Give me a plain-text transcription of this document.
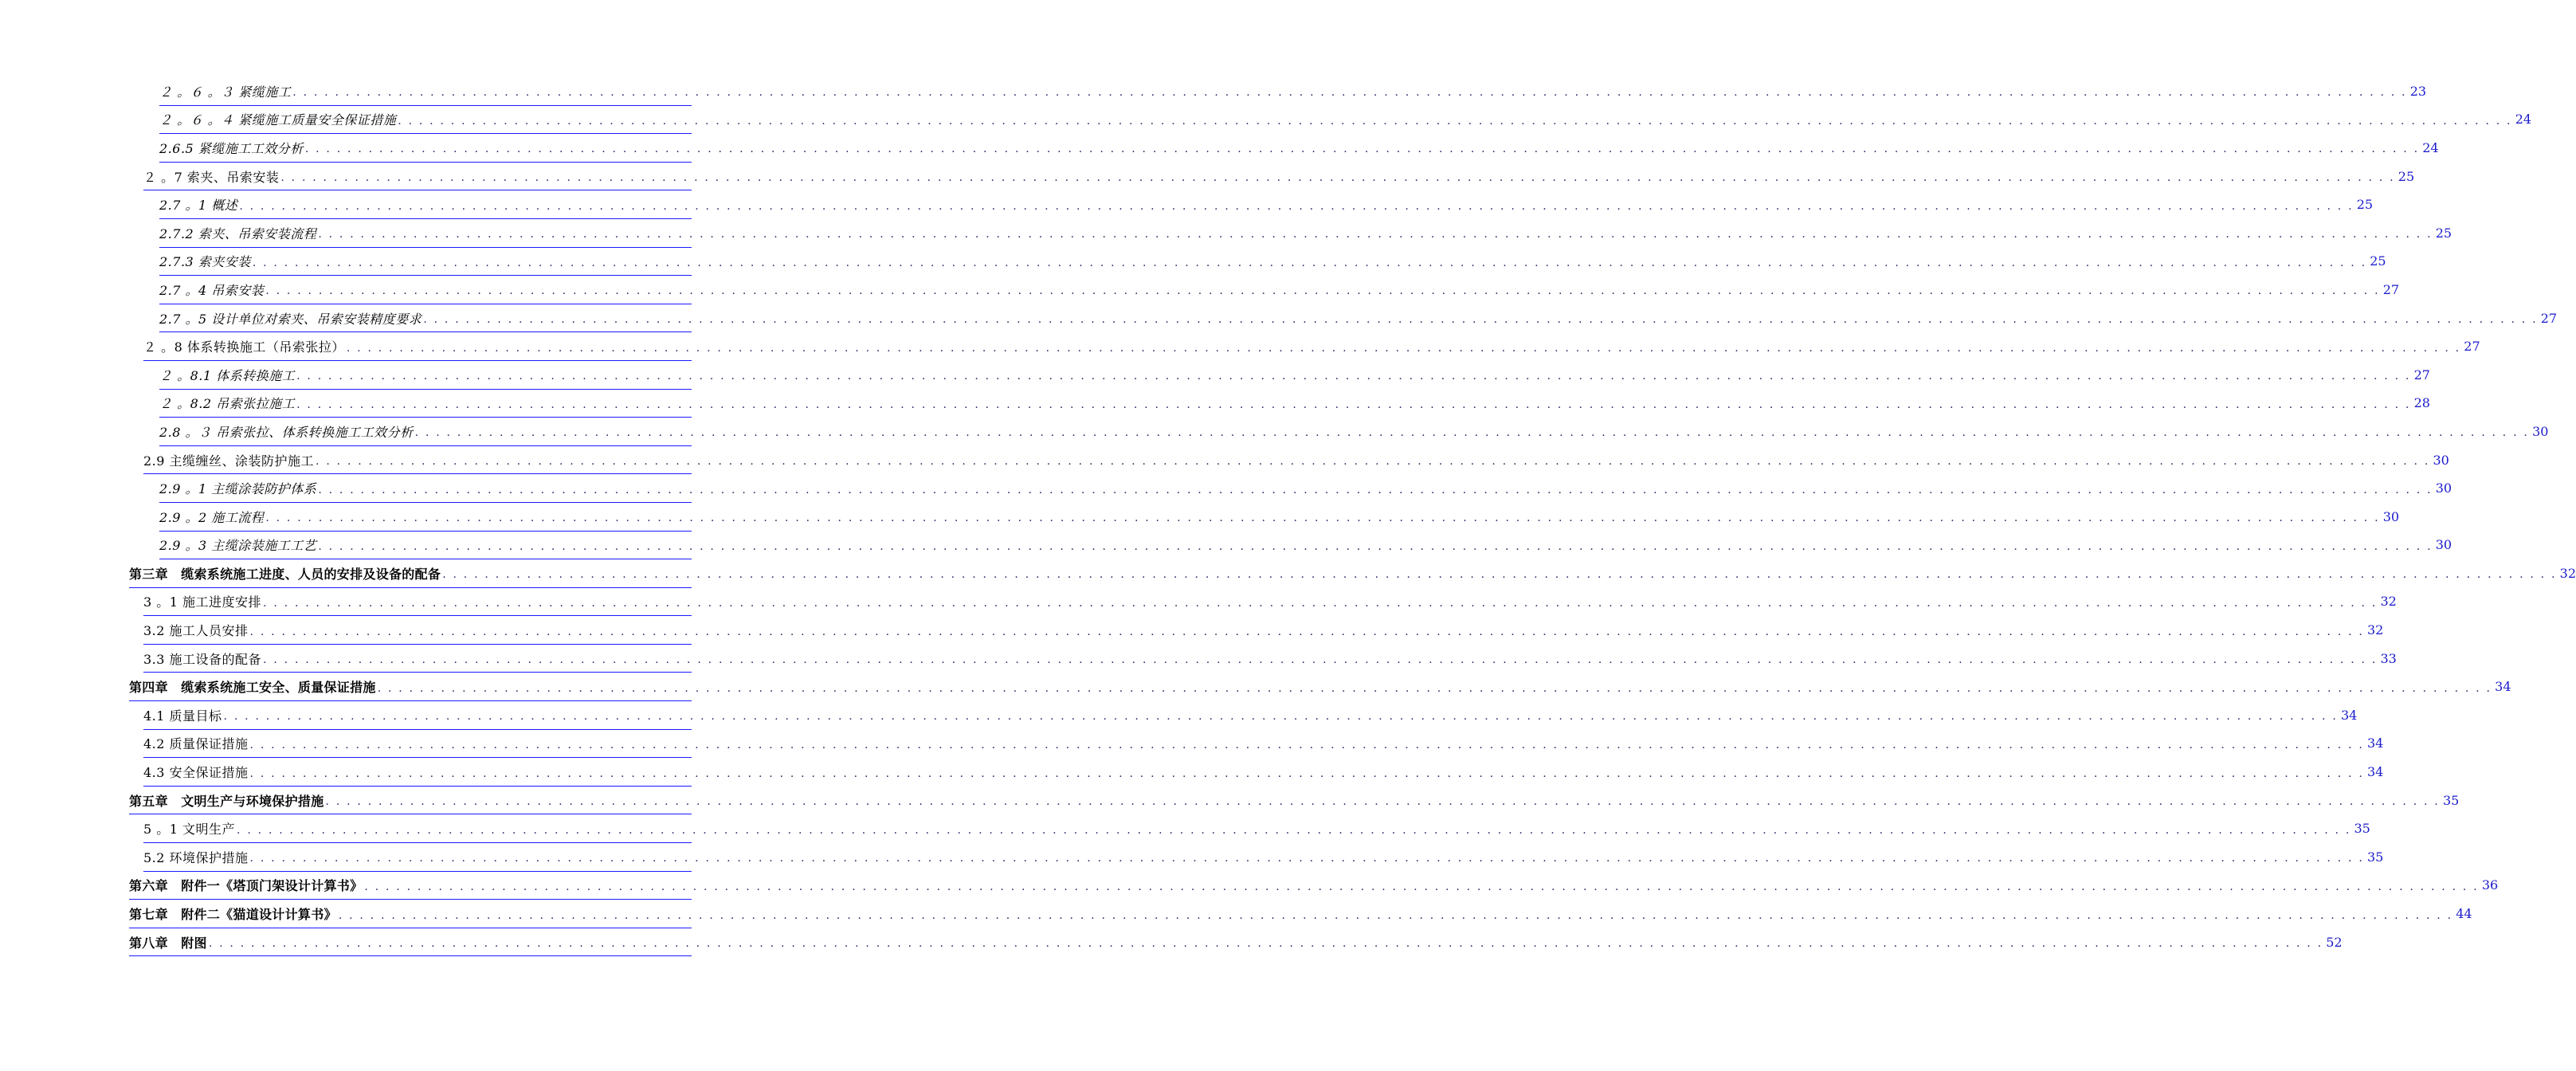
２ 。６ 。３ 紧缆施工 . . . . . . . . . . . . . . . . . . . . . . . . . . . . . . . . . . . . . . . . . . . . . . . . . . . . . . . . . . . . . . . . . . . . . . . . . . . . . . . . . . . . . . . . . . . . . . . . . . . . . . . . . . . . . . . . . . . . . . . . . . . . . . . . . . . . . . . . . . . . . . . . . . . . . . . . . . . . . . . . . . . . . . . . . . . . . . . . . . . . . . . . . . . . . . . . . . . . . . . . 23
２ 。６ 。４ 紧缆施工质量安全保证措施 . . . . . . . . . . . . . . . . . . . . . . . . . . . . . . . . . . . . . . . . . . . . . . . . . . . . . . . . . . . . . . . . . . . . . . . . . . . . . . . . . . . . . . . . . . . . . . . . . . . . . . . . . . . . . . . . . . . . . . . . . . . . . . . . . . . . . . . . . . . . . . . . . . . . . . . . . . . . . . . . . . . . . . . . . . . . . . . . . . . . . . . . . . . . . . . . . . . . . . . . 24
2.6.5 紧缆施工工效分析 . . . . . . . . . . . . . . . . . . . . . . . . . . . . . . . . . . . . . . . . . . . . . . . . . . . . . . . . . . . . . . . . . . . . . . . . . . . . . . . . . . . . . . . . . . . . . . . . . . . . . . . . . . . . . . . . . . . . . . . . . . . . . . . . . . . . . . . . . . . . . . . . . . . . . . . . . . . . . . . . . . . . . . . . . . . . . . . . . . . . . . . . . . . . . . . . . . . . . . . . 24
２ 。7 索夹、吊索安装 . . . . . . . . . . . . . . . . . . . . . . . . . . . . . . . . . . . . . . . . . . . . . . . . . . . . . . . . . . . . . . . . . . . . . . . . . . . . . . . . . . . . . . . . . . . . . . . . . . . . . . . . . . . . . . . . . . . . . . . . . . . . . . . . . . . . . . . . . . . . . . . . . . . . . . . . . . . . . . . . . . . . . . . . . . . . . . . . . . . . . . . . . . . . . . . . . . . . . . . . 25
2.7 。1 概述 . . . . . . . . . . . . . . . . . . . . . . . . . . . . . . . . . . . . . . . . . . . . . . . . . . . . . . . . . . . . . . . . . . . . . . . . . . . . . . . . . . . . . . . . . . . . . . . . . . . . . . . . . . . . . . . . . . . . . . . . . . . . . . . . . . . . . . . . . . . . . . . . . . . . . . . . . . . . . . . . . . . . . . . . . . . . . . . . . . . . . . . . . . . . . . . . . . . . . . . . 25
2.7.2 索夹、吊索安装流程 . . . . . . . . . . . . . . . . . . . . . . . . . . . . . . . . . . . . . . . . . . . . . . . . . . . . . . . . . . . . . . . . . . . . . . . . . . . . . . . . . . . . . . . . . . . . . . . . . . . . . . . . . . . . . . . . . . . . . . . . . . . . . . . . . . . . . . . . . . . . . . . . . . . . . . . . . . . . . . . . . . . . . . . . . . . . . . . . . . . . . . . . . . . . . . . . . . . . . . . . 25
2.7.3 索夹安装 . . . . . . . . . . . . . . . . . . . . . . . . . . . . . . . . . . . . . . . . . . . . . . . . . . . . . . . . . . . . . . . . . . . . . . . . . . . . . . . . . . . . . . . . . . . . . . . . . . . . . . . . . . . . . . . . . . . . . . . . . . . . . . . . . . . . . . . . . . . . . . . . . . . . . . . . . . . . . . . . . . . . . . . . . . . . . . . . . . . . . . . . . . . . . . . . . . . . . . . . 25
2.7 。4 吊索安装 . . . . . . . . . . . . . . . . . . . . . . . . . . . . . . . . . . . . . . . . . . . . . . . . . . . . . . . . . . . . . . . . . . . . . . . . . . . . . . . . . . . . . . . . . . . . . . . . . . . . . . . . . . . . . . . . . . . . . . . . . . . . . . . . . . . . . . . . . . . . . . . . . . . . . . . . . . . . . . . . . . . . . . . . . . . . . . . . . . . . . . . . . . . . . . . . . . . . . . . . 27
2.7 。5 设计单位对索夹、吊索安装精度要求 . . . . . . . . . . . . . . . . . . . . . . . . . . . . . . . . . . . . . . . . . . . . . . . . . . . . . . . . . . . . . . . . . . . . . . . . . . . . . . . . . . . . . . . . . . . . . . . . . . . . . . . . . . . . . . . . . . . . . . . . . . . . . . . . . . . . . . . . . . . . . . . . . . . . . . . . . . . . . . . . . . . . . . . . . . . . . . . . . . . . . . . . . . . . . . . . . . . . . . . . 27
２ 。8 体系转换施工（吊索张拉） . . . . . . . . . . . . . . . . . . . . . . . . . . . . . . . . . . . . . . . . . . . . . . . . . . . . . . . . . . . . . . . . . . . . . . . . . . . . . . . . . . . . . . . . . . . . . . . . . . . . . . . . . . . . . . . . . . . . . . . . . . . . . . . . . . . . . . . . . . . . . . . . . . . . . . . . . . . . . . . . . . . . . . . . . . . . . . . . . . . . . . . . . . . . . . . . . . . . . . . . 27
２ 。8.1 体系转换施工 . . . . . . . . . . . . . . . . . . . . . . . . . . . . . . . . . . . . . . . . . . . . . . . . . . . . . . . . . . . . . . . . . . . . . . . . . . . . . . . . . . . . . . . . . . . . . . . . . . . . . . . . . . . . . . . . . . . . . . . . . . . . . . . . . . . . . . . . . . . . . . . . . . . . . . . . . . . . . . . . . . . . . . . . . . . . . . . . . . . . . . . . . . . . . . . . . . . . . . . . 27
２ 。8.2 吊索张拉施工 . . . . . . . . . . . . . . . . . . . . . . . . . . . . . . . . . . . . . . . . . . . . . . . . . . . . . . . . . . . . . . . . . . . . . . . . . . . . . . . . . . . . . . . . . . . . . . . . . . . . . . . . . . . . . . . . . . . . . . . . . . . . . . . . . . . . . . . . . . . . . . . . . . . . . . . . . . . . . . . . . . . . . . . . . . . . . . . . . . . . . . . . . . . . . . . . . . . . . . . . 28
2.8 。３ 吊索张拉、体系转换施工工效分析 . . . . . . . . . . . . . . . . . . . . . . . . . . . . . . . . . . . . . . . . . . . . . . . . . . . . . . . . . . . . . . . . . . . . . . . . . . . . . . . . . . . . . . . . . . . . . . . . . . . . . . . . . . . . . . . . . . . . . . . . . . . . . . . . . . . . . . . . . . . . . . . . . . . . . . . . . . . . . . . . . . . . . . . . . . . . . . . . . . . . . . . . . . . . . . . . . . . . . . . . 30
2.9 主缆缠丝、涂装防护施工 . . . . . . . . . . . . . . . . . . . . . . . . . . . . . . . . . . . . . . . . . . . . . . . . . . . . . . . . . . . . . . . . . . . . . . . . . . . . . . . . . . . . . . . . . . . . . . . . . . . . . . . . . . . . . . . . . . . . . . . . . . . . . . . . . . . . . . . . . . . . . . . . . . . . . . . . . . . . . . . . . . . . . . . . . . . . . . . . . . . . . . . . . . . . . . . . . . . . . . . . 30
2.9 。1 主缆涂装防护体系 . . . . . . . . . . . . . . . . . . . . . . . . . . . . . . . . . . . . . . . . . . . . . . . . . . . . . . . . . . . . . . . . . . . . . . . . . . . . . . . . . . . . . . . . . . . . . . . . . . . . . . . . . . . . . . . . . . . . . . . . . . . . . . . . . . . . . . . . . . . . . . . . . . . . . . . . . . . . . . . . . . . . . . . . . . . . . . . . . . . . . . . . . . . . . . . . . . . . . . . . 30
2.9 。2 施工流程 . . . . . . . . . . . . . . . . . . . . . . . . . . . . . . . . . . . . . . . . . . . . . . . . . . . . . . . . . . . . . . . . . . . . . . . . . . . . . . . . . . . . . . . . . . . . . . . . . . . . . . . . . . . . . . . . . . . . . . . . . . . . . . . . . . . . . . . . . . . . . . . . . . . . . . . . . . . . . . . . . . . . . . . . . . . . . . . . . . . . . . . . . . . . . . . . . . . . . . . . 30
2.9 。3 主缆涂装施工工艺 . . . . . . . . . . . . . . . . . . . . . . . . . . . . . . . . . . . . . . . . . . . . . . . . . . . . . . . . . . . . . . . . . . . . . . . . . . . . . . . . . . . . . . . . . . . . . . . . . . . . . . . . . . . . . . . . . . . . . . . . . . . . . . . . . . . . . . . . . . . . . . . . . . . . . . . . . . . . . . . . . . . . . . . . . . . . . . . . . . . . . . . . . . . . . . . . . . . . . . . . 30
第三章　缆索系统施工进度、人员的安排及设备的配备 . . . . . . . . . . . . . . . . . . . . . . . . . . . . . . . . . . . . . . . . . . . . . . . . . . . . . . . . . . . . . . . . . . . . . . . . . . . . . . . . . . . . . . . . . . . . . . . . . . . . . . . . . . . . . . . . . . . . . . . . . . . . . . . . . . . . . . . . . . . . . . . . . . . . . . . . . . . . . . . . . . . . . . . . . . . . . . . . . . . . . . . . . . . . . . . . . . . . . . . . 32
3 。1 施工进度安排 . . . . . . . . . . . . . . . . . . . . . . . . . . . . . . . . . . . . . . . . . . . . . . . . . . . . . . . . . . . . . . . . . . . . . . . . . . . . . . . . . . . . . . . . . . . . . . . . . . . . . . . . . . . . . . . . . . . . . . . . . . . . . . . . . . . . . . . . . . . . . . . . . . . . . . . . . . . . . . . . . . . . . . . . . . . . . . . . . . . . . . . . . . . . . . . . . . . . . . . . 32
3.2 施工人员安排 . . . . . . . . . . . . . . . . . . . . . . . . . . . . . . . . . . . . . . . . . . . . . . . . . . . . . . . . . . . . . . . . . . . . . . . . . . . . . . . . . . . . . . . . . . . . . . . . . . . . . . . . . . . . . . . . . . . . . . . . . . . . . . . . . . . . . . . . . . . . . . . . . . . . . . . . . . . . . . . . . . . . . . . . . . . . . . . . . . . . . . . . . . . . . . . . . . . . . . . . 32
3.3 施工设备的配备 . . . . . . . . . . . . . . . . . . . . . . . . . . . . . . . . . . . . . . . . . . . . . . . . . . . . . . . . . . . . . . . . . . . . . . . . . . . . . . . . . . . . . . . . . . . . . . . . . . . . . . . . . . . . . . . . . . . . . . . . . . . . . . . . . . . . . . . . . . . . . . . . . . . . . . . . . . . . . . . . . . . . . . . . . . . . . . . . . . . . . . . . . . . . . . . . . . . . . . . . 33
第四章　缆索系统施工安全、质量保证措施 . . . . . . . . . . . . . . . . . . . . . . . . . . . . . . . . . . . . . . . . . . . . . . . . . . . . . . . . . . . . . . . . . . . . . . . . . . . . . . . . . . . . . . . . . . . . . . . . . . . . . . . . . . . . . . . . . . . . . . . . . . . . . . . . . . . . . . . . . . . . . . . . . . . . . . . . . . . . . . . . . . . . . . . . . . . . . . . . . . . . . . . . . . . . . . . . . . . . . . . . 34
4.1 质量目标 . . . . . . . . . . . . . . . . . . . . . . . . . . . . . . . . . . . . . . . . . . . . . . . . . . . . . . . . . . . . . . . . . . . . . . . . . . . . . . . . . . . . . . . . . . . . . . . . . . . . . . . . . . . . . . . . . . . . . . . . . . . . . . . . . . . . . . . . . . . . . . . . . . . . . . . . . . . . . . . . . . . . . . . . . . . . . . . . . . . . . . . . . . . . . . . . . . . . . . . . 34
4.2 质量保证措施 . . . . . . . . . . . . . . . . . . . . . . . . . . . . . . . . . . . . . . . . . . . . . . . . . . . . . . . . . . . . . . . . . . . . . . . . . . . . . . . . . . . . . . . . . . . . . . . . . . . . . . . . . . . . . . . . . . . . . . . . . . . . . . . . . . . . . . . . . . . . . . . . . . . . . . . . . . . . . . . . . . . . . . . . . . . . . . . . . . . . . . . . . . . . . . . . . . . . . . . . 34
4.3 安全保证措施 . . . . . . . . . . . . . . . . . . . . . . . . . . . . . . . . . . . . . . . . . . . . . . . . . . . . . . . . . . . . . . . . . . . . . . . . . . . . . . . . . . . . . . . . . . . . . . . . . . . . . . . . . . . . . . . . . . . . . . . . . . . . . . . . . . . . . . . . . . . . . . . . . . . . . . . . . . . . . . . . . . . . . . . . . . . . . . . . . . . . . . . . . . . . . . . . . . . . . . . . 34
第五章　文明生产与环境保护措施 . . . . . . . . . . . . . . . . . . . . . . . . . . . . . . . . . . . . . . . . . . . . . . . . . . . . . . . . . . . . . . . . . . . . . . . . . . . . . . . . . . . . . . . . . . . . . . . . . . . . . . . . . . . . . . . . . . . . . . . . . . . . . . . . . . . . . . . . . . . . . . . . . . . . . . . . . . . . . . . . . . . . . . . . . . . . . . . . . . . . . . . . . . . . . . . . . . . . . . . . 35
5 。1 文明生产 . . . . . . . . . . . . . . . . . . . . . . . . . . . . . . . . . . . . . . . . . . . . . . . . . . . . . . . . . . . . . . . . . . . . . . . . . . . . . . . . . . . . . . . . . . . . . . . . . . . . . . . . . . . . . . . . . . . . . . . . . . . . . . . . . . . . . . . . . . . . . . . . . . . . . . . . . . . . . . . . . . . . . . . . . . . . . . . . . . . . . . . . . . . . . . . . . . . . . . . . 35
5.2 环境保护措施 . . . . . . . . . . . . . . . . . . . . . . . . . . . . . . . . . . . . . . . . . . . . . . . . . . . . . . . . . . . . . . . . . . . . . . . . . . . . . . . . . . . . . . . . . . . . . . . . . . . . . . . . . . . . . . . . . . . . . . . . . . . . . . . . . . . . . . . . . . . . . . . . . . . . . . . . . . . . . . . . . . . . . . . . . . . . . . . . . . . . . . . . . . . . . . . . . . . . . . . . 35
第六章　附件一《塔顶门架设计计算书》 . . . . . . . . . . . . . . . . . . . . . . . . . . . . . . . . . . . . . . . . . . . . . . . . . . . . . . . . . . . . . . . . . . . . . . . . . . . . . . . . . . . . . . . . . . . . . . . . . . . . . . . . . . . . . . . . . . . . . . . . . . . . . . . . . . . . . . . . . . . . . . . . . . . . . . . . . . . . . . . . . . . . . . . . . . . . . . . . . . . . . . . . . . . . . . . . . . . . . . . . 36
第七章　附件二《猫道设计计算书》 . . . . . . . . . . . . . . . . . . . . . . . . . . . . . . . . . . . . . . . . . . . . . . . . . . . . . . . . . . . . . . . . . . . . . . . . . . . . . . . . . . . . . . . . . . . . . . . . . . . . . . . . . . . . . . . . . . . . . . . . . . . . . . . . . . . . . . . . . . . . . . . . . . . . . . . . . . . . . . . . . . . . . . . . . . . . . . . . . . . . . . . . . . . . . . . . . . . . . . . . 44
第八章　附图 . . . . . . . . . . . . . . . . . . . . . . . . . . . . . . . . . . . . . . . . . . . . . . . . . . . . . . . . . . . . . . . . . . . . . . . . . . . . . . . . . . . . . . . . . . . . . . . . . . . . . . . . . . . . . . . . . . . . . . . . . . . . . . . . . . . . . . . . . . . . . . . . . . . . . . . . . . . . . . . . . . . . . . . . . . . . . . . . . . . . . . . . . . . . . . . . . . . . . . . . 52
